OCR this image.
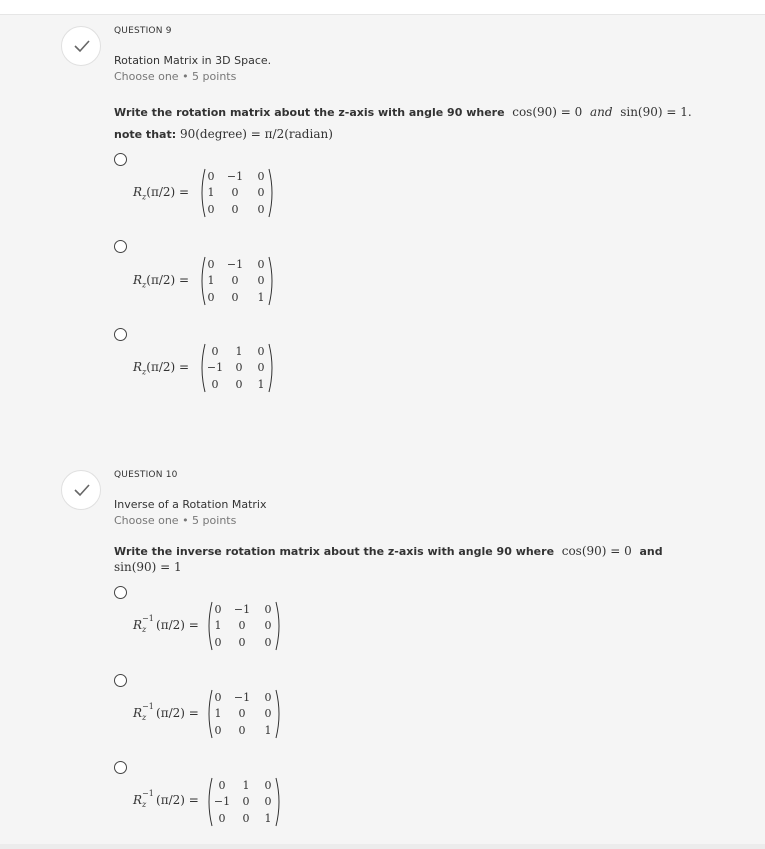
QUESTION 9
Rotation Matrix in 3D Space.
Choose one • 5 points
Write the rotation matrix about the z-axis with angle 90 where cos(90) = 0 and sin(90) = 1.
note that: 90(degree) = π/2(radian)
$R_z(\pi/2)$ =
0	−1	0
1	0	0
0	0	0
$R_z(\pi/2)$ =
0	−1	0
1	0	0
0	0	1
$R_z(\pi/2)$ =
0	1	0
−1	0	0
0	0	1
QUESTION 10
Inverse of a Rotation Matrix
Choose one • 5 points
Write the inverse rotation matrix about the z-axis with angle 90 where cos(90) = 0 and
sin(90) = 1
R −1
z (π/2) =
0	−1	0
1	0	0
0	0	0
R −1
z (π/2) =
0	−1	0
1	0	0
0	0	1
R −1
z (π/2) =
0	1	0
−1	0	0
0	0	1
